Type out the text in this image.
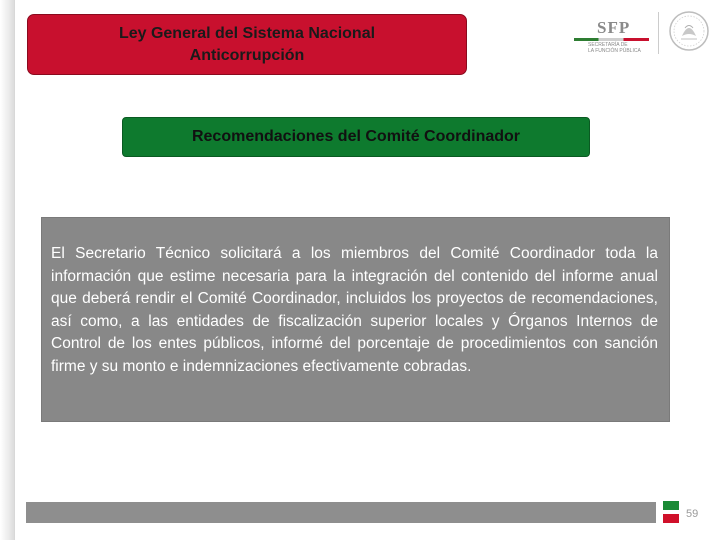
Ley General del Sistema Nacional
Anticorrupción
SFP
SECRETARÍA DE
LA FUNCIÓN PÚBLICA
Recomendaciones del Comité Coordinador

El Secretario Técnico solicitará a los miembros del Comité Coordinador toda la información que estime necesaria para la integración del contenido del informe anual que deberá rendir el Comité Coordinador, incluidos los proyectos de recomendaciones, así como, a las entidades de fiscalización superior locales y Órganos Internos de Control de los entes públicos, informé del porcentaje de procedimientos con sanción firme y su monto e indemnizaciones efectivamente cobradas.

59
